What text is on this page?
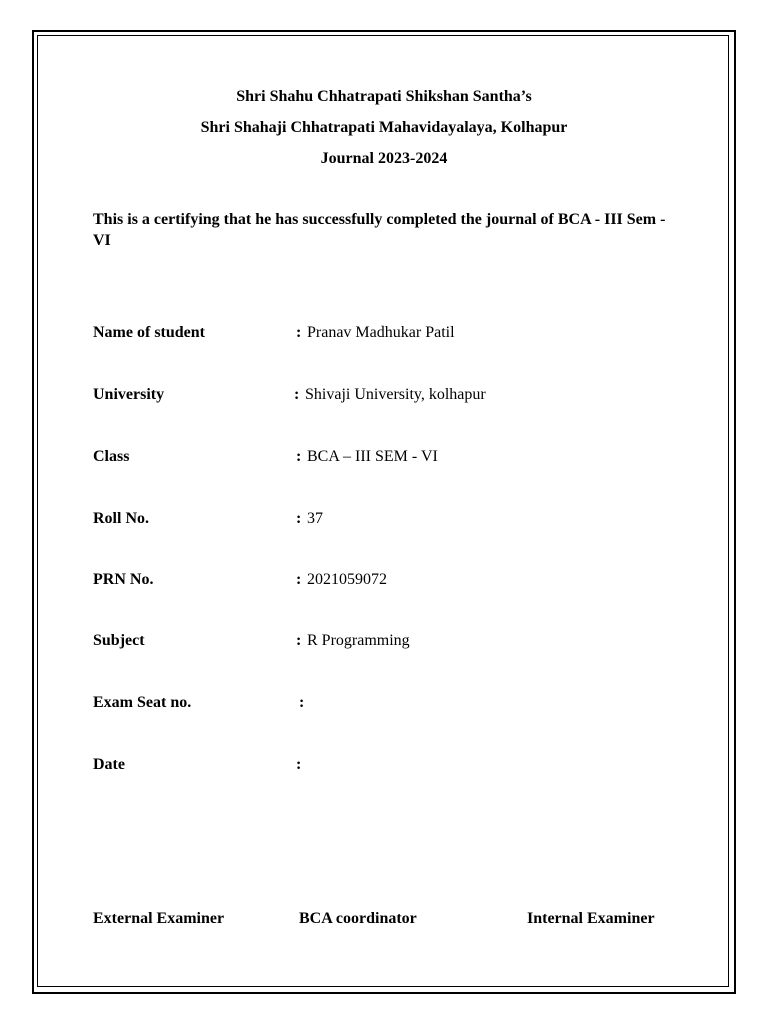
Shri Shahu Chhatrapati Shikshan Santha’s
Shri Shahaji Chhatrapati Mahavidayalaya, Kolhapur
Journal 2023-2024
This is a certifying that he has successfully completed the journal of BCA - III Sem - VI
Name of student	: Pranav Madhukar Patil
University	: Shivaji University, kolhapur
Class	: BCA – III SEM - VI
Roll No.	: 37
PRN No.	: 2021059072
Subject	: R Programming
Exam Seat no.	:
Date	:
External Examiner	BCA coordinator	Internal Examiner
